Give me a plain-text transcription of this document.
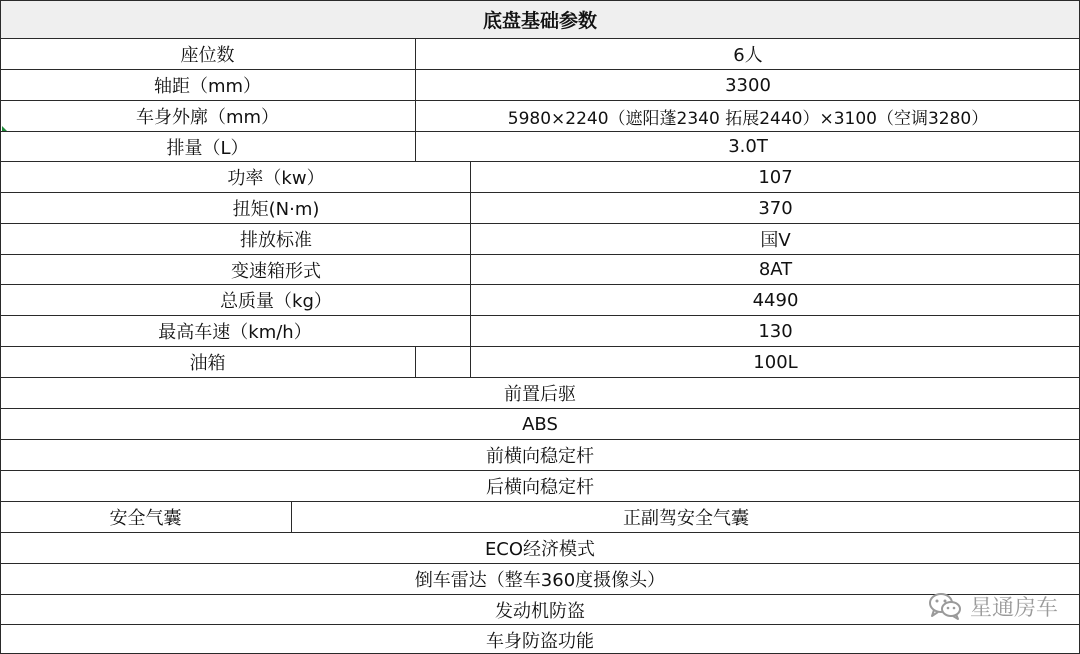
底盘基础参数
座位数	6人
轴距（mm）	3300
车身外廓（mm）	5980×2240（遮阳蓬2340 拓展2440）×3100（空调3280）
排量（L）	3.0T
功率（kw）	107
扭矩(N·m)	370
排放标准	国V
变速箱形式	8AT
总质量（kg）	4490
最高车速（km/h）	130
油箱	100L
前置后驱
ABS
前横向稳定杆
后横向稳定杆
安全气囊	正副驾安全气囊
ECO经济模式
倒车雷达（整车360度摄像头）
发动机防盗
车身防盗功能
星通房车
